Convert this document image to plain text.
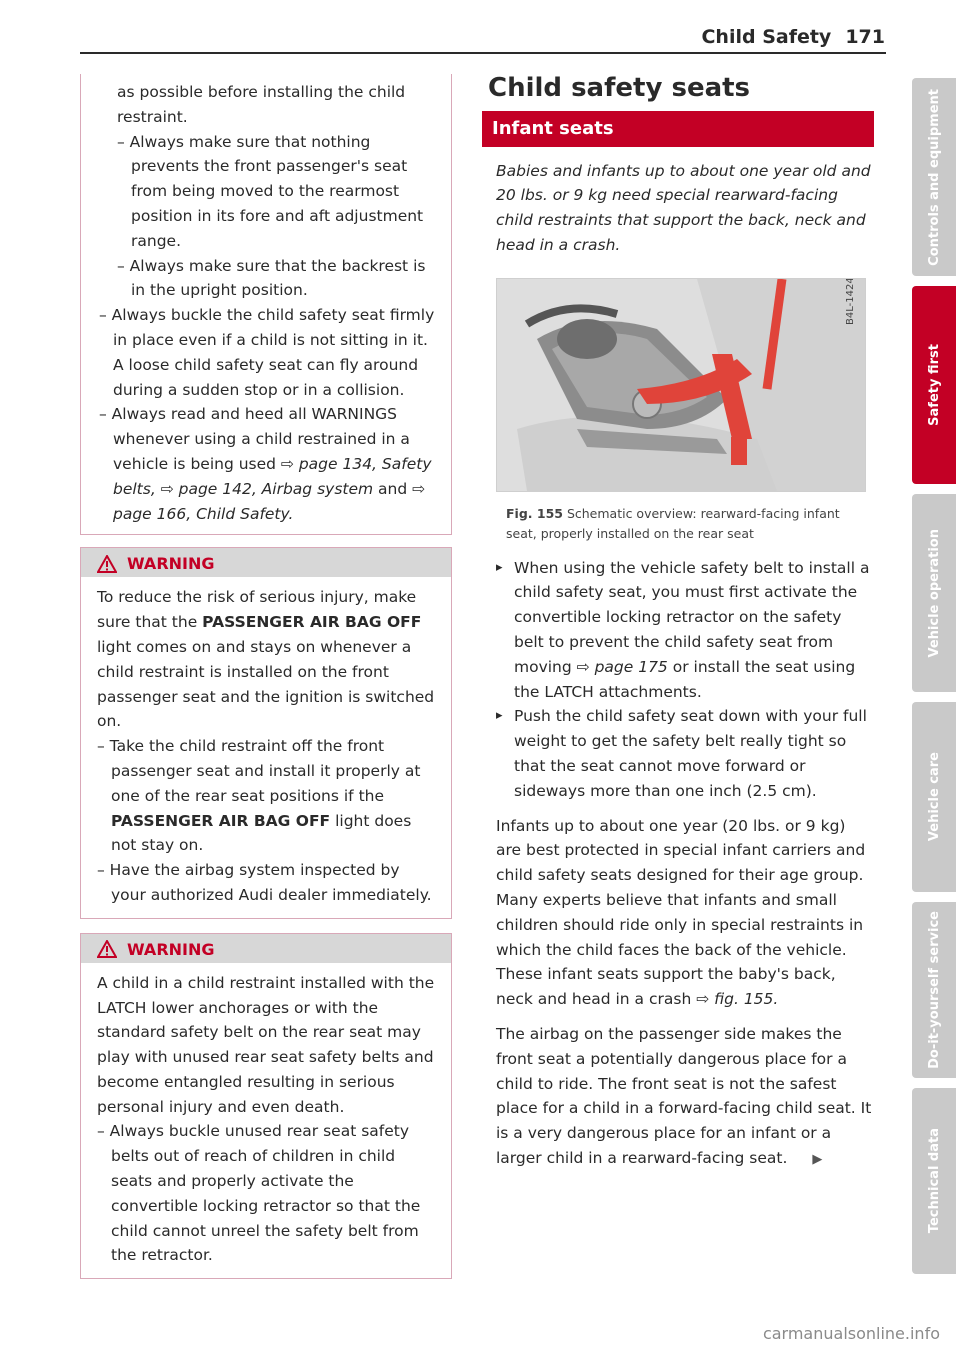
Child Safety 171

as possible before installing the child

restraint.

– Always make sure that nothing prevents the front passenger's seat from being moved to the rearmost position in its fore and aft adjustment range.
– Always make sure that the backrest is in the upright position.
– Always buckle the child safety seat firmly in place even if a child is not sitting in it. A loose child safety seat can fly around during a sudden stop or in a collision.
– Always read and heed all WARNINGS whenever using a child restrained in a vehicle is being used ⇨ page 134, Safety belts, ⇨ page 142, Airbag system and ⇨ page 166, Child Safety.
WARNING

To reduce the risk of serious injury, make sure that the PASSENGER AIR BAG OFF light comes on and stays on whenever a child restraint is installed on the front passenger seat and the ignition is switched on.

– Take the child restraint off the front passenger seat and install it properly at one of the rear seat positions if the PASSENGER AIR BAG OFF light does not stay on.
– Have the airbag system inspected by your authorized Audi dealer immediately.
WARNING

A child in a child restraint installed with the LATCH lower anchorages or with the standard safety belt on the rear seat may play with unused rear seat safety belts and become entangled resulting in serious personal injury and even death.

– Always buckle unused rear seat safety belts out of reach of children in child seats and properly activate the convertible locking retractor so that the child cannot unreel the safety belt from the retractor.
Child safety seats
Infant seats

Babies and infants up to about one year old and 20 lbs. or 9 kg need special rearward-facing child restraints that support the back, neck and head in a crash.

B4L-1424
Fig. 155 Schematic overview: rearward-facing infant seat, properly installed on the rear seat
▸ When using the vehicle safety belt to install a child safety seat, you must first activate the convertible locking retractor on the safety belt to prevent the child safety seat from moving ⇨ page 175 or install the seat using the LATCH attachments.
▸ Push the child safety seat down with your full weight to get the safety belt really tight so that the seat cannot move forward or sideways more than one inch (2.5 cm).

Infants up to about one year (20 lbs. or 9 kg) are best protected in special infant carriers and child safety seats designed for their age group. Many experts believe that infants and small children should ride only in special restraints in which the child faces the back of the vehicle. These infant seats support the baby's back, neck and head in a crash ⇨ fig. 155.

The airbag on the passenger side makes the front seat a potentially dangerous place for a child to ride. The front seat is not the safest place for a child in a forward-facing child seat. It is a very dangerous place for an infant or a larger child in a rearward-facing seat. ▶

Controls and equipment
Safety first
Vehicle operation
Vehicle care
Do-it-yourself service
Technical data
carmanualsonline.info
